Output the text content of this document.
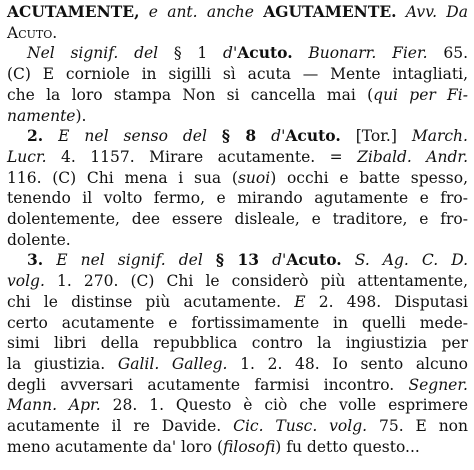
ACUTAMENTE, e ant. anche AGUTAMENTE. Avv. Da
Acuto.
Nel signif. del § 1 d'Acuto. Buonarr. Fier. 65.
(C) E corniole in sigilli sì acuta — Mente intagliati,
che la loro stampa Non si cancella mai (qui per Fi-
namente).
2. E nel senso del § 8 d'Acuto. [Tor.] March.
Lucr. 4. 1157. Mirare acutamente. = Zibald. Andr.
116. (C) Chi mena i sua (suoi) occhi e batte spesso,
tenendo il volto fermo, e mirando agutamente e fro-
dolentemente, dee essere disleale, e traditore, e fro-
dolente.
3. E nel signif. del § 13 d'Acuto. S. Ag. C. D.
volg. 1. 270. (C) Chi le considerò più attentamente,
chi le distinse più acutamente. E 2. 498. Disputasi
certo acutamente e fortissimamente in quelli mede-
simi libri della repubblica contro la ingiustizia per
la giustizia. Galil. Galleg. 1. 2. 48. Io sento alcuno
degli avversari acutamente farmisi incontro. Segner.
Mann. Apr. 28. 1. Questo è ciò che volle esprimere
acutamente il re Davide. Cic. Tusc. volg. 75. E non
meno acutamente da' loro (filosofi) fu detto questo...
